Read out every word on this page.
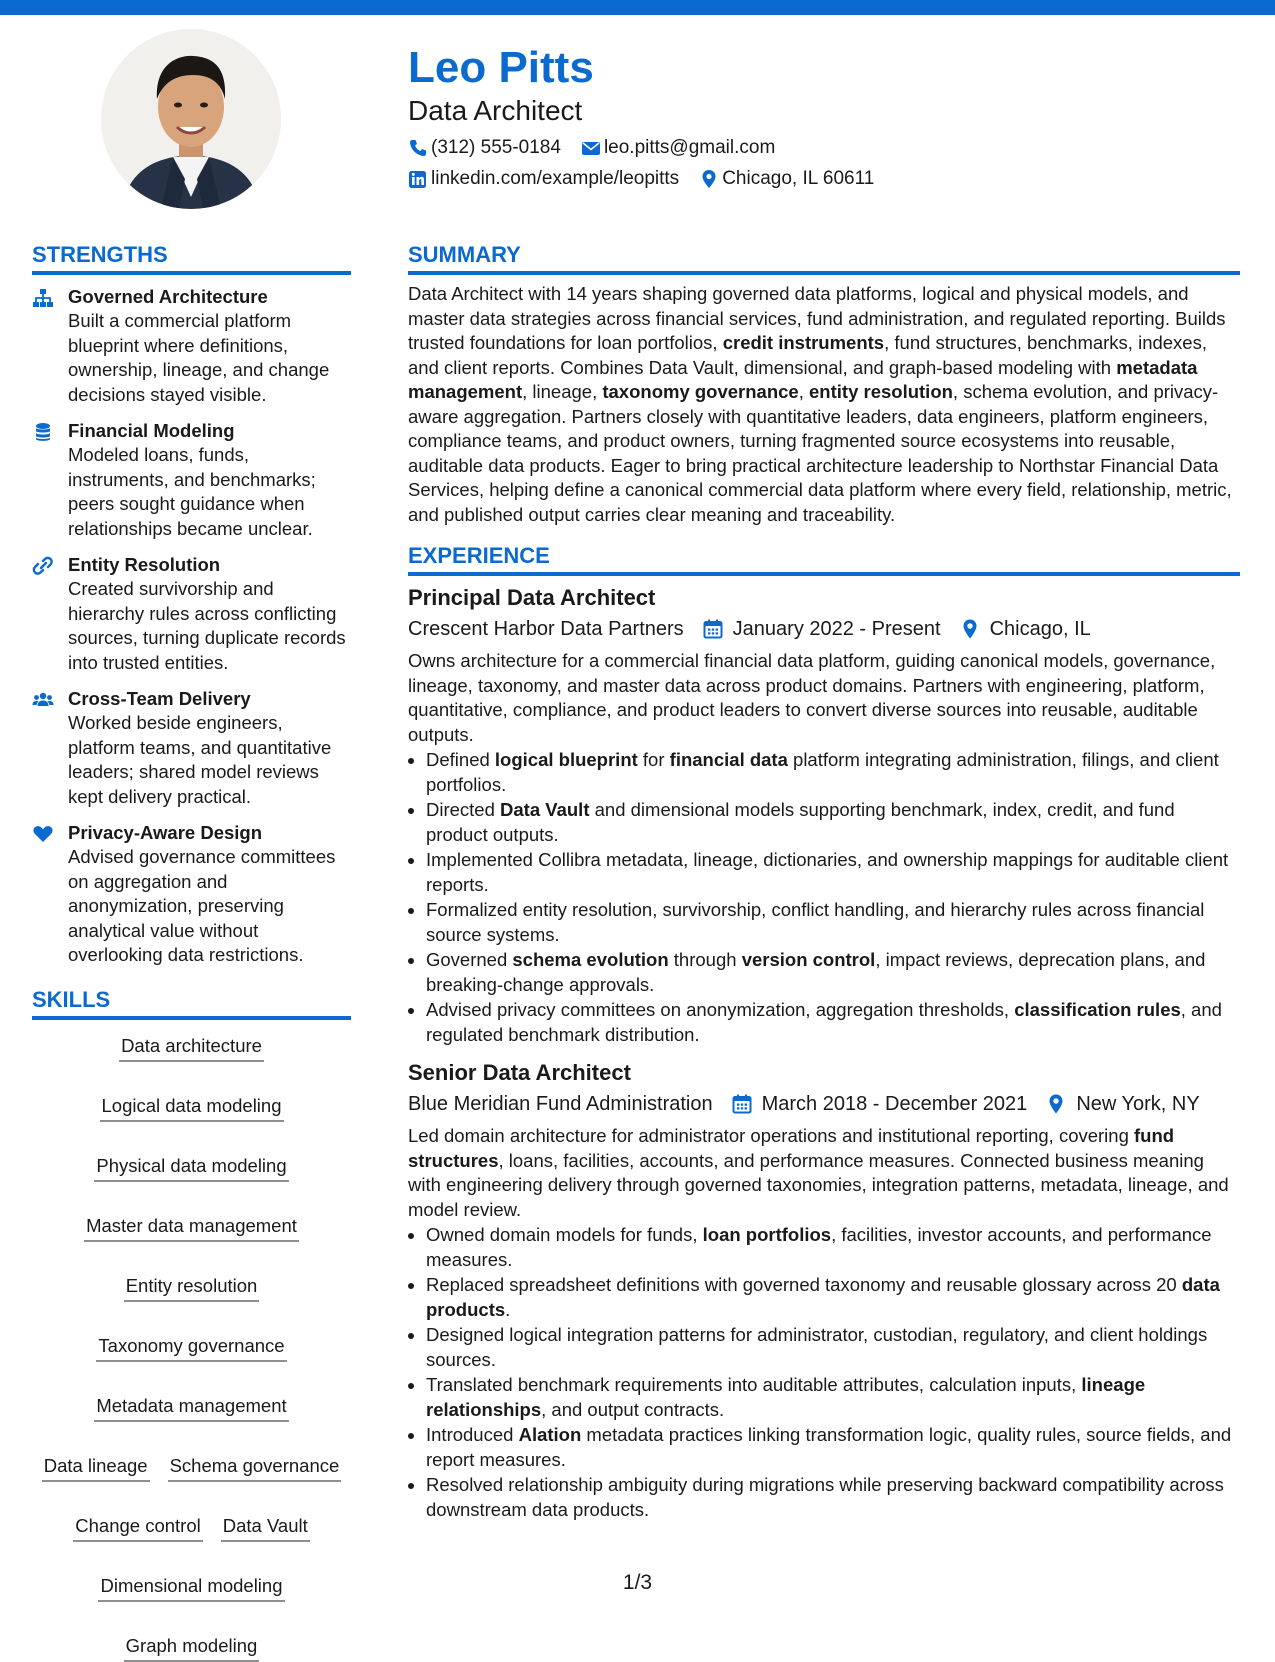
Leo Pitts
Data Architect
(312) 555-0184 leo.pitts@gmail.com
linkedin.com/example/leopitts Chicago, IL 60611
STRENGTHS
Governed Architecture
Built a commercial platform blueprint where definitions, ownership, lineage, and change decisions stayed visible.
Financial Modeling
Modeled loans, funds, instruments, and benchmarks; peers sought guidance when relationships became unclear.
Entity Resolution
Created survivorship and hierarchy rules across conflicting sources, turning duplicate records into trusted entities.
Cross-Team Delivery
Worked beside engineers, platform teams, and quantitative leaders; shared model reviews kept delivery practical.
Privacy-Aware Design
Advised governance committees on aggregation and anonymization, preserving analytical value without overlooking data restrictions.
SKILLS
Data architecture
Logical data modeling
Physical data modeling
Master data management
Entity resolution
Taxonomy governance
Metadata management
Data lineage Schema governance
Change control Data Vault
Dimensional modeling
Graph modeling
SUMMARY
Data Architect with 14 years shaping governed data platforms, logical and physical models, and master data strategies across financial services, fund administration, and regulated reporting. Builds trusted foundations for loan portfolios, credit instruments, fund structures, benchmarks, indexes, and client reports. Combines Data Vault, dimensional, and graph-based modeling with metadata management, lineage, taxonomy governance, entity resolution, schema evolution, and privacy-aware aggregation. Partners closely with quantitative leaders, data engineers, platform engineers, compliance teams, and product owners, turning fragmented source ecosystems into reusable, auditable data products. Eager to bring practical architecture leadership to Northstar Financial Data Services, helping define a canonical commercial data platform where every field, relationship, metric, and published output carries clear meaning and traceability.
EXPERIENCE
Principal Data Architect
Crescent Harbor Data Partners January 2022 - Present Chicago, IL
Owns architecture for a commercial financial data platform, guiding canonical models, governance, lineage, taxonomy, and master data across product domains. Partners with engineering, platform, quantitative, compliance, and product leaders to convert diverse sources into reusable, auditable outputs.
• Defined logical blueprint for financial data platform integrating administration, filings, and client portfolios.
• Directed Data Vault and dimensional models supporting benchmark, index, credit, and fund product outputs.
• Implemented Collibra metadata, lineage, dictionaries, and ownership mappings for auditable client reports.
• Formalized entity resolution, survivorship, conflict handling, and hierarchy rules across financial source systems.
• Governed schema evolution through version control, impact reviews, deprecation plans, and breaking-change approvals.
• Advised privacy committees on anonymization, aggregation thresholds, classification rules, and regulated benchmark distribution.
Senior Data Architect
Blue Meridian Fund Administration March 2018 - December 2021 New York, NY
Led domain architecture for administrator operations and institutional reporting, covering fund structures, loans, facilities, accounts, and performance measures. Connected business meaning with engineering delivery through governed taxonomies, integration patterns, metadata, lineage, and model review.
• Owned domain models for funds, loan portfolios, facilities, investor accounts, and performance measures.
• Replaced spreadsheet definitions with governed taxonomy and reusable glossary across 20 data products.
• Designed logical integration patterns for administrator, custodian, regulatory, and client holdings sources.
• Translated benchmark requirements into auditable attributes, calculation inputs, lineage relationships, and output contracts.
• Introduced Alation metadata practices linking transformation logic, quality rules, source fields, and report measures.
• Resolved relationship ambiguity during migrations while preserving backward compatibility across downstream data products.
1/3
